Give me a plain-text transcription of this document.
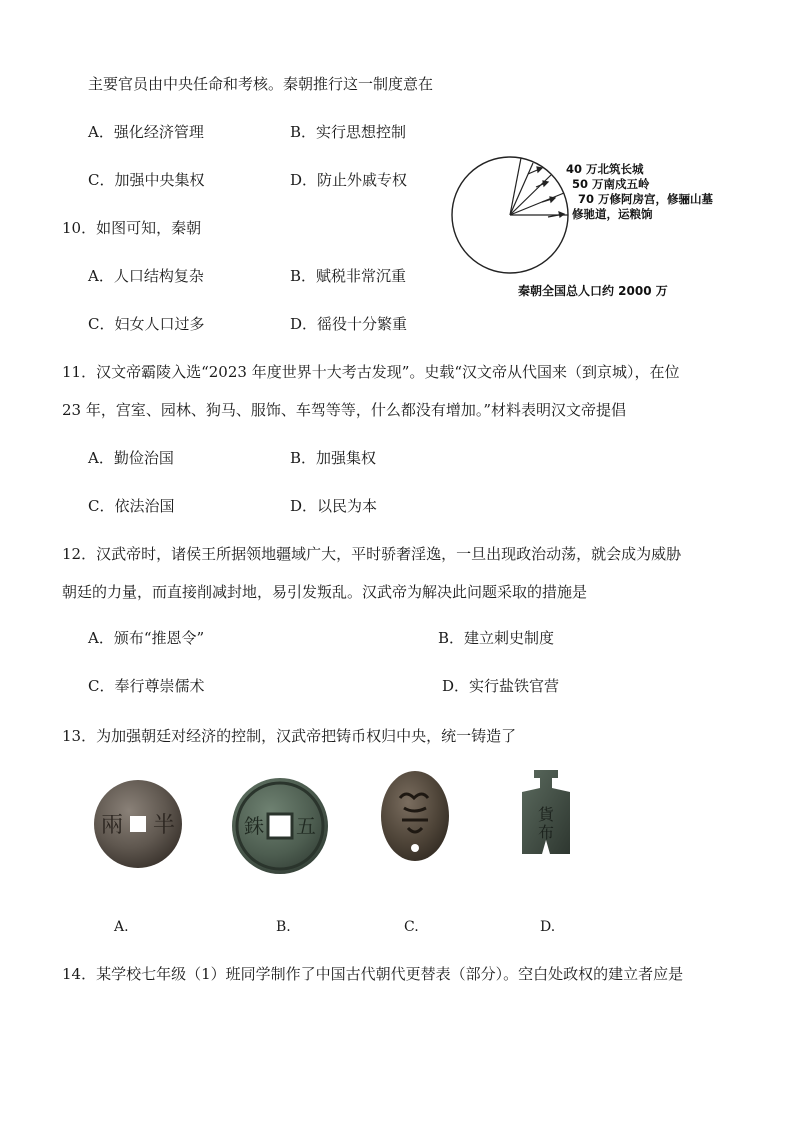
主要官员由中央任命和考核。秦朝推行这一制度意在
A．强化经济管理	B．实行思想控制
C．加强中央集权	D．防止外戚专权
10．如图可知，秦朝
A．人口结构复杂	B．赋税非常沉重
C．妇女人口过多	D．徭役十分繁重
40 万北筑长城
50 万南戍五岭
70 万修阿房宫，修骊山墓
修驰道，运粮饷
秦朝全国总人口约 2000 万
11．汉文帝霸陵入选“2023 年度世界十大考古发现”。史载“汉文帝从代国来（到京城），在位
23 年，宫室、园林、狗马、服饰、车驾等等，什么都没有增加。”材料表明汉文帝提倡
A．勤俭治国	B．加强集权
C．依法治国	D．以民为本
12．汉武帝时，诸侯王所据领地疆域广大，平时骄奢淫逸，一旦出现政治动荡，就会成为威胁
朝廷的力量，而直接削减封地，易引发叛乱。汉武帝为解决此问题采取的措施是
A．颁布“推恩令”	B．建立刺史制度
C．奉行尊崇儒术	D．实行盐铁官营
13．为加强朝廷对经济的控制，汉武帝把铸币权归中央，统一铸造了
兩 半	銖 五	貨
布
A.	B.	C.	D.
14．某学校七年级（1）班同学制作了中国古代朝代更替表（部分）。空白处政权的建立者应是
